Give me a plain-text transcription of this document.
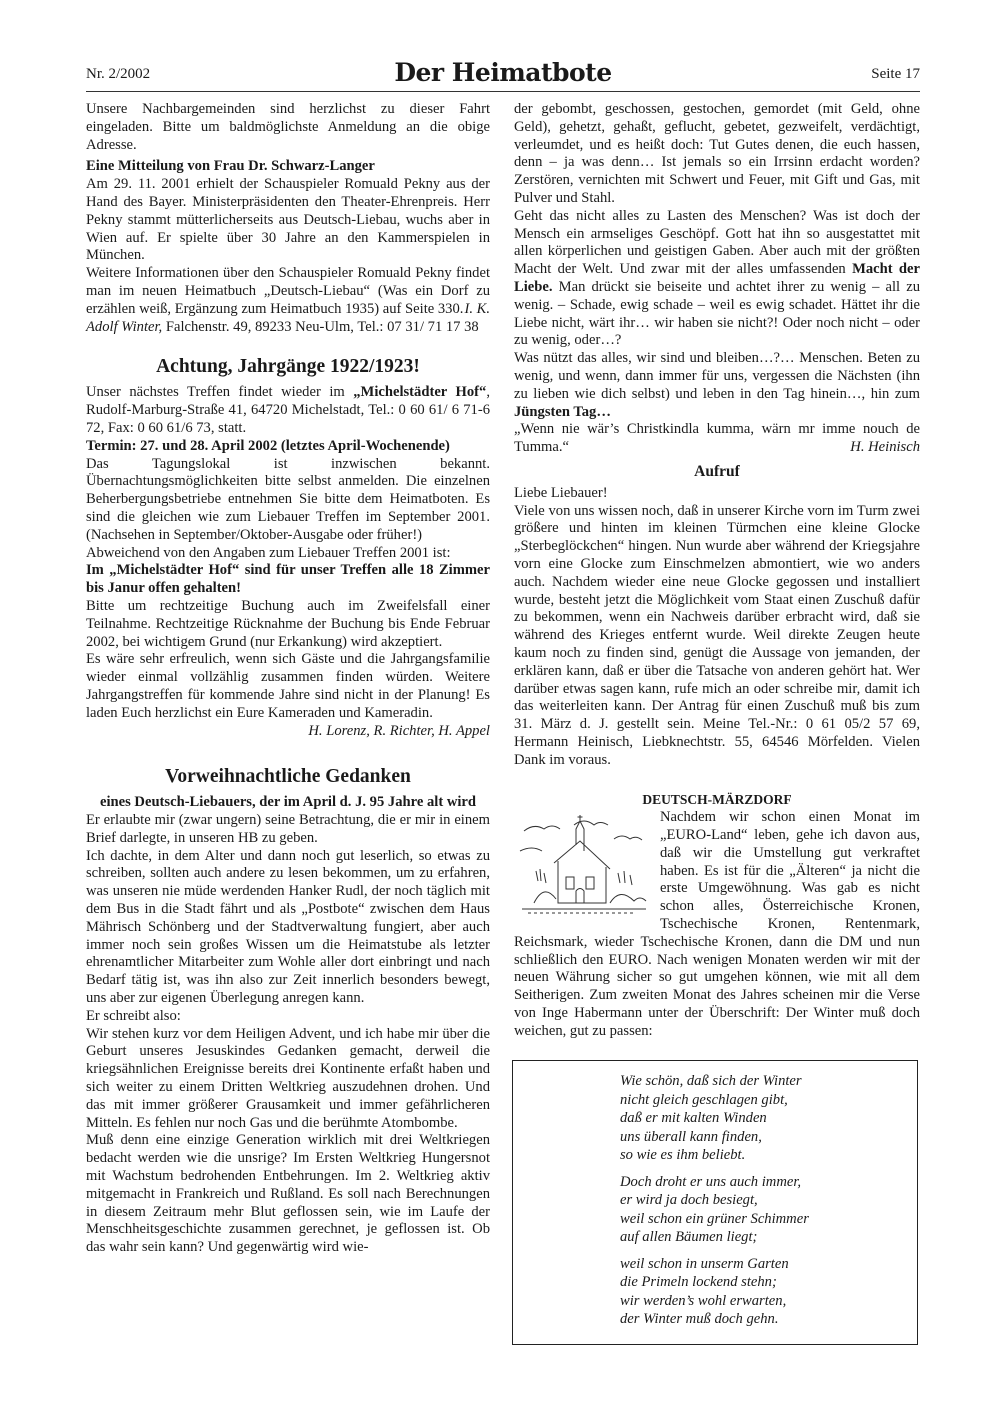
Nr. 2/2002	Der Heimatbote	Seite 17

Unsere Nachbargemeinden sind herzlichst zu dieser Fahrt eingeladen. Bitte um baldmöglichste Anmeldung an die obige Adresse.

Eine Mitteilung von Frau Dr. Schwarz-Langer

Am 29. 11. 2001 erhielt der Schauspieler Romuald Pekny aus der Hand des Bayer. Ministerpräsidenten den Theater-Ehrenpreis. Herr Pekny stammt mütterlicherseits aus Deutsch-Liebau, wuchs aber in Wien auf. Er spielte über 30 Jahre an den Kammerspielen in München.

Weitere Informationen über den Schauspieler Romuald Pekny findet man im neuen Heimatbuch „Deutsch-Liebau“ (Was ein Dorf zu erzählen weiß, Ergänzung zum Heimatbuch 1935) auf Seite 330. I. K.

Adolf Winter, Falchenstr. 49, 89233 Neu-Ulm, Tel.: 07 31/ 71 17 38

Achtung, Jahrgänge 1922/1923!

Unser nächstes Treffen findet wieder im „Michelstädter Hof“, Rudolf-Marburg-Straße 41, 64720 Michelstadt, Tel.: 0 60 61/ 6 71-6 72, Fax: 0 60 61/6 73, statt.

Termin: 27. und 28. April 2002 (letztes April-Wochenende)

Das Tagungslokal ist inzwischen bekannt. Übernachtungsmöglichkeiten bitte selbst anmelden. Die einzelnen Beherbergungsbetriebe entnehmen Sie bitte dem Heimatboten. Es sind die gleichen wie zum Liebauer Treffen im September 2001. (Nachsehen in September/Oktober-Ausgabe oder früher!)

Abweichend von den Angaben zum Liebauer Treffen 2001 ist:

Im „Michelstädter Hof“ sind für unser Treffen alle 18 Zimmer bis Janur offen gehalten!

Bitte um rechtzeitige Buchung auch im Zweifelsfall einer Teilnahme. Rechtzeitige Rücknahme der Buchung bis Ende Februar 2002, bei wichtigem Grund (nur Erkankung) wird akzeptiert.

Es wäre sehr erfreulich, wenn sich Gäste und die Jahrgangsfamilie wieder einmal vollzählig zusammen finden würden. Weitere Jahrgangstreffen für kommende Jahre sind nicht in der Planung! Es laden Euch herzlichst ein Eure Kameraden und Kameradin.

H. Lorenz, R. Richter, H. Appel

Vorweihnachtliche Gedanken

eines Deutsch-Liebauers, der im April d. J. 95 Jahre alt wird

Er erlaubte mir (zwar ungern) seine Betrachtung, die er mir in einem Brief darlegte, in unseren HB zu geben.

Ich dachte, in dem Alter und dann noch gut leserlich, so etwas zu schreiben, sollten auch andere zu lesen bekommen, um zu erfahren, was unseren nie müde werdenden Hanker Rudl, der noch täglich mit dem Bus in die Stadt fährt und als „Postbote“ zwischen dem Haus Mährisch Schönberg und der Stadtverwaltung fungiert, aber auch immer noch sein großes Wissen um die Heimatstube als letzter ehrenamtlicher Mitarbeiter zum Wohle aller dort einbringt und nach Bedarf tätig ist, was ihn also zur Zeit innerlich besonders bewegt, uns aber zur eigenen Überlegung anregen kann.

Er schreibt also:

Wir stehen kurz vor dem Heiligen Advent, und ich habe mir über die Geburt unseres Jesuskindes Gedanken gemacht, derweil die kriegsähnlichen Ereignisse bereits drei Kontinente erfaßt haben und sich weiter zu einem Dritten Weltkrieg auszudehnen drohen. Und das mit immer größerer Grausamkeit und immer gefährlicheren Mitteln. Es fehlen nur noch Gas und die berühmte Atombombe.

Muß denn eine einzige Generation wirklich mit drei Weltkriegen bedacht werden wie die unsrige? Im Ersten Weltkrieg Hungersnot mit Wachstum bedrohenden Entbehrungen. Im 2. Weltkrieg aktiv mitgemacht in Frankreich und Rußland. Es soll nach Berechnungen in diesem Zeitraum mehr Blut geflossen sein, wie im Laufe der Menschheitsgeschichte zusammen gerechnet, je geflossen ist. Ob das wahr sein kann? Und gegenwärtig wird wie-

der gebombt, geschossen, gestochen, gemordet (mit Geld, ohne Geld), gehetzt, gehaßt, geflucht, gebetet, gezweifelt, verdächtigt, verleumdet, und es heißt doch: Tut Gutes denen, die euch hassen, denn – ja was denn… Ist jemals so ein Irrsinn erdacht worden? Zerstören, vernichten mit Schwert und Feuer, mit Gift und Gas, mit Pulver und Stahl.

Geht das nicht alles zu Lasten des Menschen? Was ist doch der Mensch ein armseliges Geschöpf. Gott hat ihn so ausgestattet mit allen körperlichen und geistigen Gaben. Aber auch mit der größten Macht der Welt. Und zwar mit der alles umfassenden Macht der Liebe. Man drückt sie beiseite und achtet ihrer zu wenig – all zu wenig. – Schade, ewig schade – weil es ewig schadet. Hättet ihr die Liebe nicht, wärt ihr… wir haben sie nicht?! Oder noch nicht – oder zu wenig, oder…?

Was nützt das alles, wir sind und bleiben…?… Menschen. Beten zu wenig, und wenn, dann immer für uns, vergessen die Nächsten (ihn zu lieben wie dich selbst) und leben in den Tag hinein…, hin zum Jüngsten Tag…

„Wenn nie wär’s Christkindla kumma, wärn mr imme nouch de Tumma.“	H. Heinisch

Aufruf

Liebe Liebauer!

Viele von uns wissen noch, daß in unserer Kirche vorn im Turm zwei größere und hinten im kleinen Türmchen eine kleine Glocke „Sterbeglöckchen“ hingen. Nun wurde aber während der Kriegsjahre vorn eine Glocke zum Einschmelzen abmontiert, wie wo anders auch. Nachdem wieder eine neue Glocke gegossen und installiert wurde, besteht jetzt die Möglichkeit vom Staat einen Zuschuß dafür zu bekommen, wenn ein Nachweis darüber erbracht wird, daß sie während des Krieges entfernt wurde. Weil direkte Zeugen heute kaum noch zu finden sind, genügt die Aussage von jemanden, der erklären kann, daß er über die Tatsache von anderen gehört hat. Wer darüber etwas sagen kann, rufe mich an oder schreibe mir, damit ich das weiterleiten kann. Der Antrag für einen Zuschuß muß bis zum 31. März d. J. gestellt sein. Meine Tel.-Nr.: 0 61 05/2 57 69, Hermann Heinisch, Liebknechtstr. 55, 64546 Mörfelden. Vielen Dank im voraus.

DEUTSCH-MÄRZDORF

Nachdem wir schon einen Monat im „EURO-Land“ leben, gehe ich davon aus, daß wir die Umstellung gut verkraftet haben. Es ist für die „Älteren“ ja nicht die erste Umgewöhnung. Was gab es nicht schon alles, Österreichische Kronen, Tschechische Kronen, Rentenmark, Reichsmark, wieder Tschechische Kronen, dann die DM und nun schließlich den EURO. Nach wenigen Monaten werden wir mit der neuen Währung sicher so gut umgehen können, wie mit all dem Seitherigen. Zum zweiten Monat des Jahres scheinen mir die Verse von Inge Habermann unter der Überschrift: Der Winter muß doch weichen, gut zu passen:

Wie schön, daß sich der Winter
nicht gleich geschlagen gibt,
daß er mit kalten Winden
uns überall kann finden,
so wie es ihm beliebt.
Doch droht er uns auch immer,
er wird ja doch besiegt,
weil schon ein grüner Schimmer
auf allen Bäumen liegt;
weil schon in unserm Garten
die Primeln lockend stehn;
wir werden’s wohl erwarten,
der Winter muß doch gehn.
